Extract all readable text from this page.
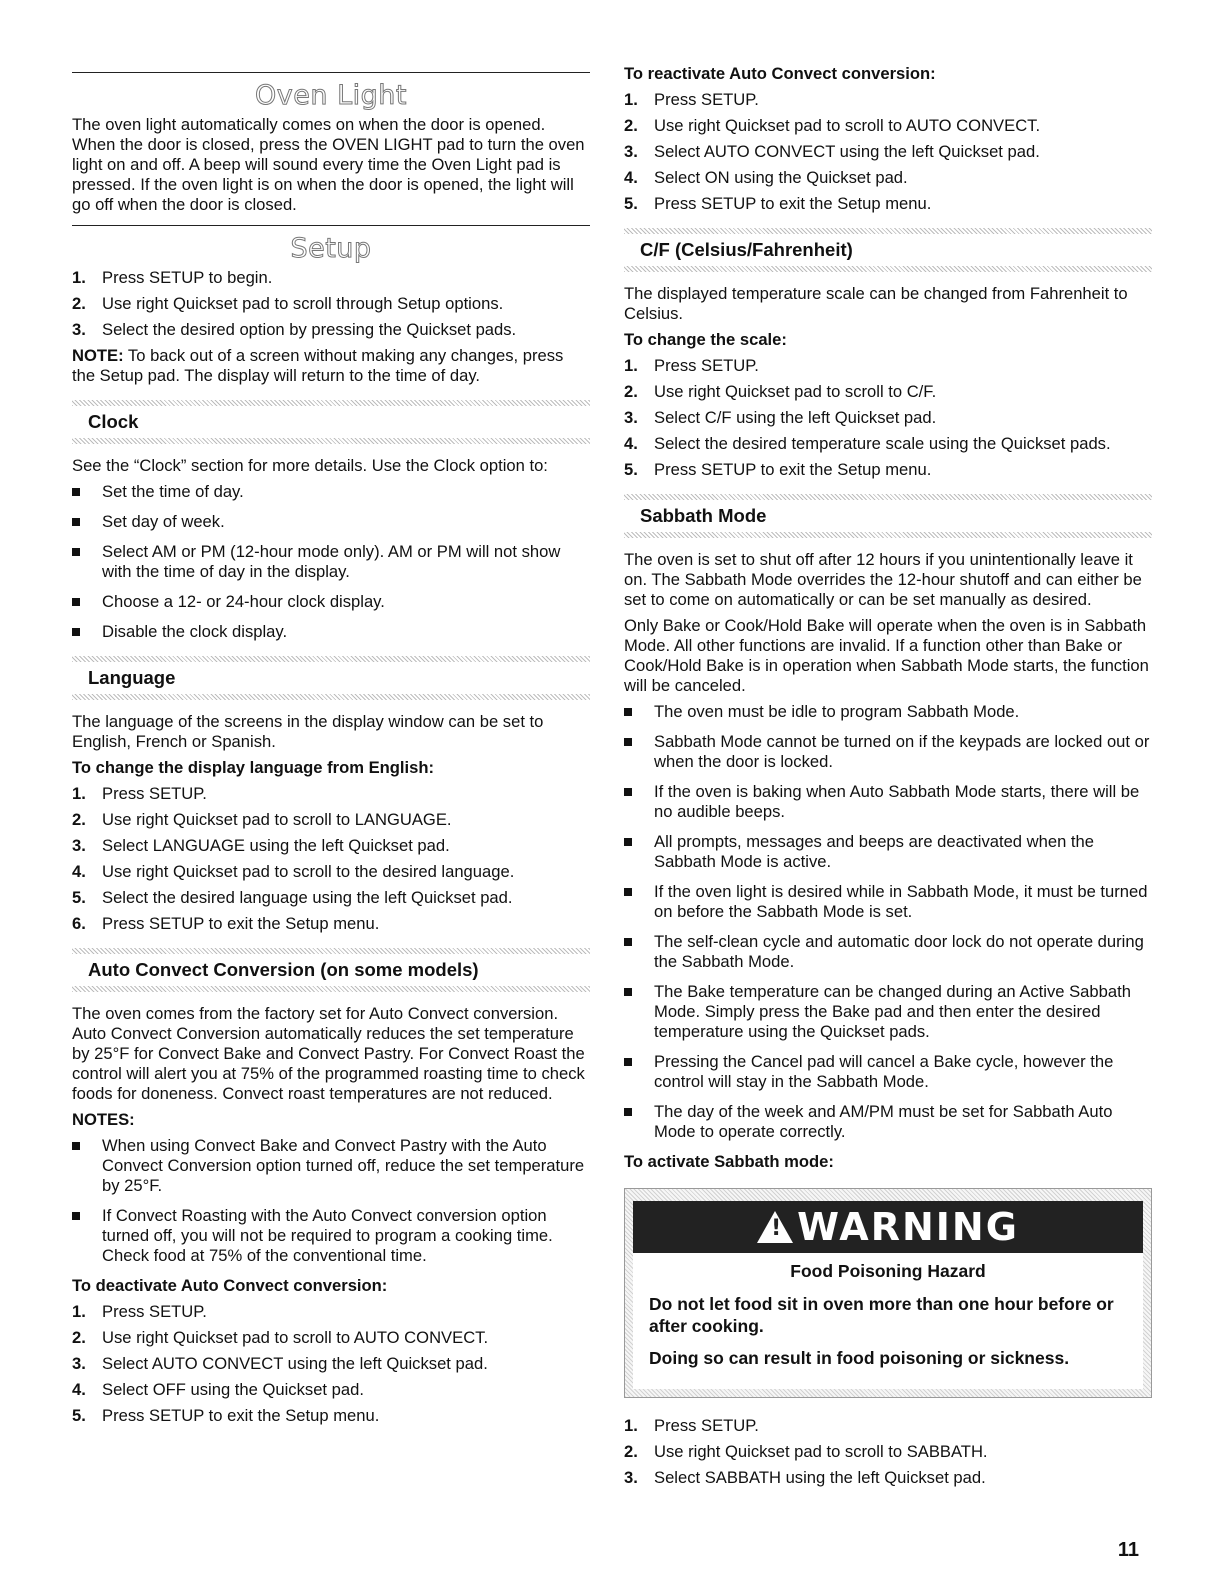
Oven Light

The oven light automatically comes on when the door is opened. When the door is closed, press the OVEN LIGHT pad to turn the oven light on and off. A beep will sound every time the Oven Light pad is pressed. If the oven light is on when the door is opened, the light will go off when the door is closed.

Setup
1. Press SETUP to begin.
2. Use right Quickset pad to scroll through Setup options.
3. Select the desired option by pressing the Quickset pads.

NOTE: To back out of a screen without making any changes, press the Setup pad. The display will return to the time of day.

Clock

See the “Clock” section for more details. Use the Clock option to:

Set the time of day.
Set day of week.
Select AM or PM (12-hour mode only). AM or PM will not show with the time of day in the display.
Choose a 12- or 24-hour clock display.
Disable the clock display.
Language

The language of the screens in the display window can be set to English, French or Spanish.

To change the display language from English:
1. Press SETUP.
2. Use right Quickset pad to scroll to LANGUAGE.
3. Select LANGUAGE using the left Quickset pad.
4. Use right Quickset pad to scroll to the desired language.
5. Select the desired language using the left Quickset pad.
6. Press SETUP to exit the Setup menu.
Auto Convect Conversion (on some models)

The oven comes from the factory set for Auto Convect conversion. Auto Convect Conversion automatically reduces the set temperature by 25°F for Convect Bake and Convect Pastry. For Convect Roast the control will alert you at 75% of the programmed roasting time to check foods for doneness. Convect roast temperatures are not reduced.

NOTES:
When using Convect Bake and Convect Pastry with the Auto Convect Conversion option turned off, reduce the set temperature by 25°F.
If Convect Roasting with the Auto Convect conversion option turned off, you will not be required to program a cooking time. Check food at 75% of the conventional time.
To deactivate Auto Convect conversion:
1. Press SETUP.
2. Use right Quickset pad to scroll to AUTO CONVECT.
3. Select AUTO CONVECT using the left Quickset pad.
4. Select OFF using the Quickset pad.
5. Press SETUP to exit the Setup menu.
To reactivate Auto Convect conversion:
1. Press SETUP.
2. Use right Quickset pad to scroll to AUTO CONVECT.
3. Select AUTO CONVECT using the left Quickset pad.
4. Select ON using the Quickset pad.
5. Press SETUP to exit the Setup menu.
C/F (Celsius/Fahrenheit)

The displayed temperature scale can be changed from Fahrenheit to Celsius.

To change the scale:
1. Press SETUP.
2. Use right Quickset pad to scroll to C/F.
3. Select C/F using the left Quickset pad.
4. Select the desired temperature scale using the Quickset pads.
5. Press SETUP to exit the Setup menu.
Sabbath Mode

The oven is set to shut off after 12 hours if you unintentionally leave it on. The Sabbath Mode overrides the 12-hour shutoff and can either be set to come on automatically or can be set manually as desired.

Only Bake or Cook/Hold Bake will operate when the oven is in Sabbath Mode. All other functions are invalid. If a function other than Bake or Cook/Hold Bake is in operation when Sabbath Mode starts, the function will be canceled.

The oven must be idle to program Sabbath Mode.
Sabbath Mode cannot be turned on if the keypads are locked out or when the door is locked.
If the oven is baking when Auto Sabbath Mode starts, there will be no audible beeps.
All prompts, messages and beeps are deactivated when the Sabbath Mode is active.
If the oven light is desired while in Sabbath Mode, it must be turned on before the Sabbath Mode is set.
The self-clean cycle and automatic door lock do not operate during the Sabbath Mode.
The Bake temperature can be changed during an Active Sabbath Mode. Simply press the Bake pad and then enter the desired temperature using the Quickset pads.
Pressing the Cancel pad will cancel a Bake cycle, however the control will stay in the Sabbath Mode.
The day of the week and AM/PM must be set for Sabbath Auto Mode to operate correctly.
To activate Sabbath mode:
!
WARNING
Food Poisoning Hazard
Do not let food sit in oven more than one hour before or after cooking.
Doing so can result in food poisoning or sickness.
1. Press SETUP.
2. Use right Quickset pad to scroll to SABBATH.
3. Select SABBATH using the left Quickset pad.
11
